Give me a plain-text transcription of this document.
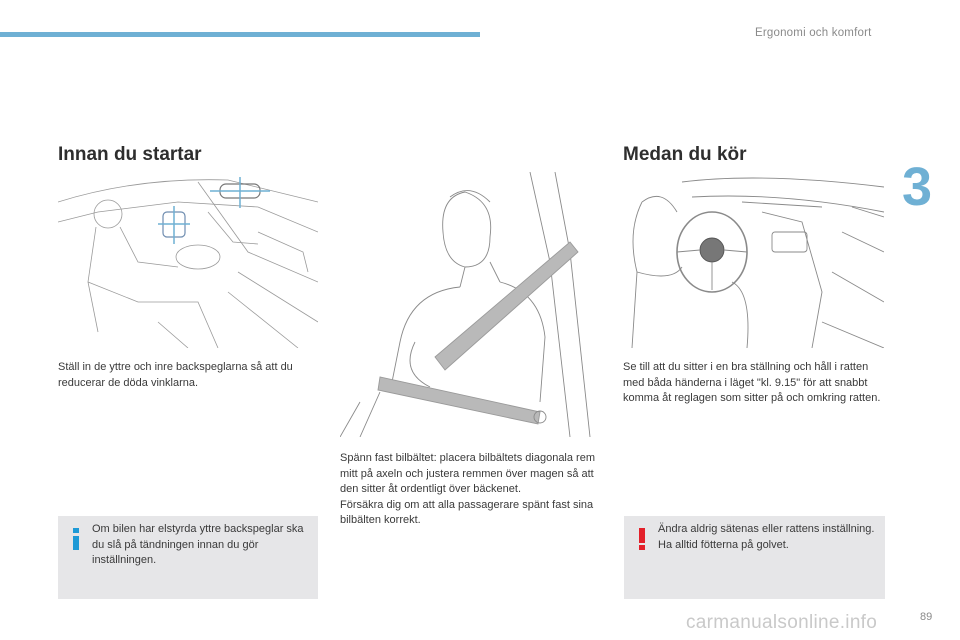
Ergonomi och komfort
3
Innan du startar	Medan du kör
Ställ in de yttre och inre backspeglarna så att du reducerar de döda vinklarna.
Spänn fast bilbältet: placera bilbältets diagonala rem mitt på axeln och justera remmen över magen så att den sitter åt ordentligt över bäckenet.
Försäkra dig om att alla passagerare spänt fast sina bilbälten korrekt.
Se till att du sitter i en bra ställning och håll i ratten med båda händerna i läget "kl. 9.15" för att snabbt komma åt reglagen som sitter på och omkring ratten.
Om bilen har elstyrda yttre backspeglar ska du slå på tändningen innan du gör inställningen.
Ändra aldrig sätenas eller rattens inställning.
Ha alltid fötterna på golvet.
carmanualsonline.info	89
